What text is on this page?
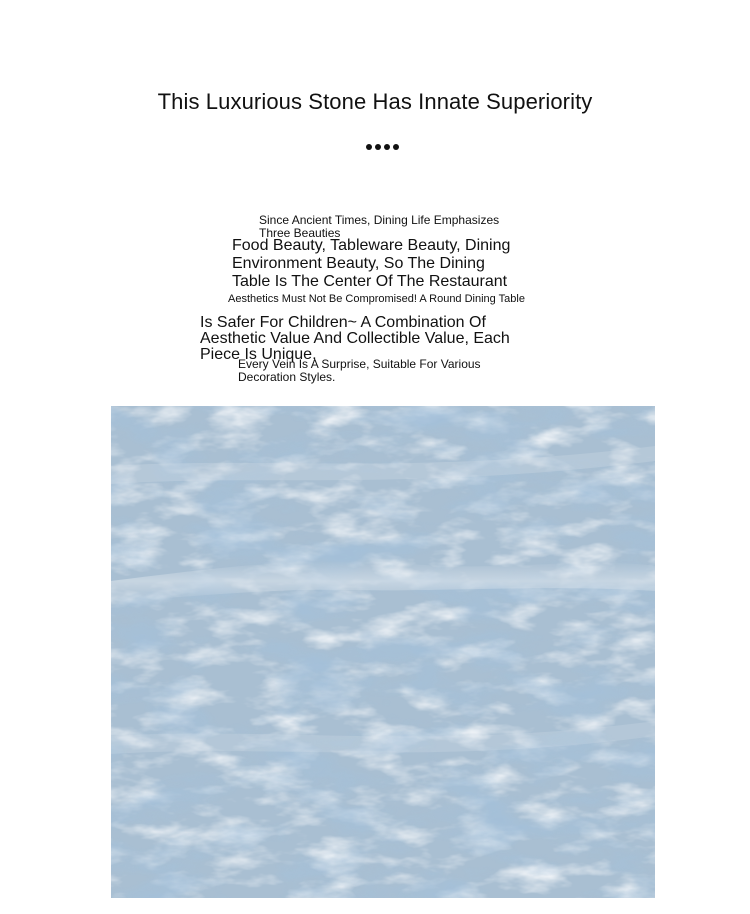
This Luxurious Stone Has Innate Superiority

Since Ancient Times, Dining Life Emphasizes
Three Beauties

Food Beauty, Tableware Beauty, Dining
Environment Beauty, So The Dining
Table Is The Center Of The Restaurant

Aesthetics Must Not Be Compromised! A Round Dining Table

Is Safer For Children~ A Combination Of
Aesthetic Value And Collectible Value, Each
Piece Is Unique,

Every Vein Is A Surprise, Suitable For Various
Decoration Styles.
